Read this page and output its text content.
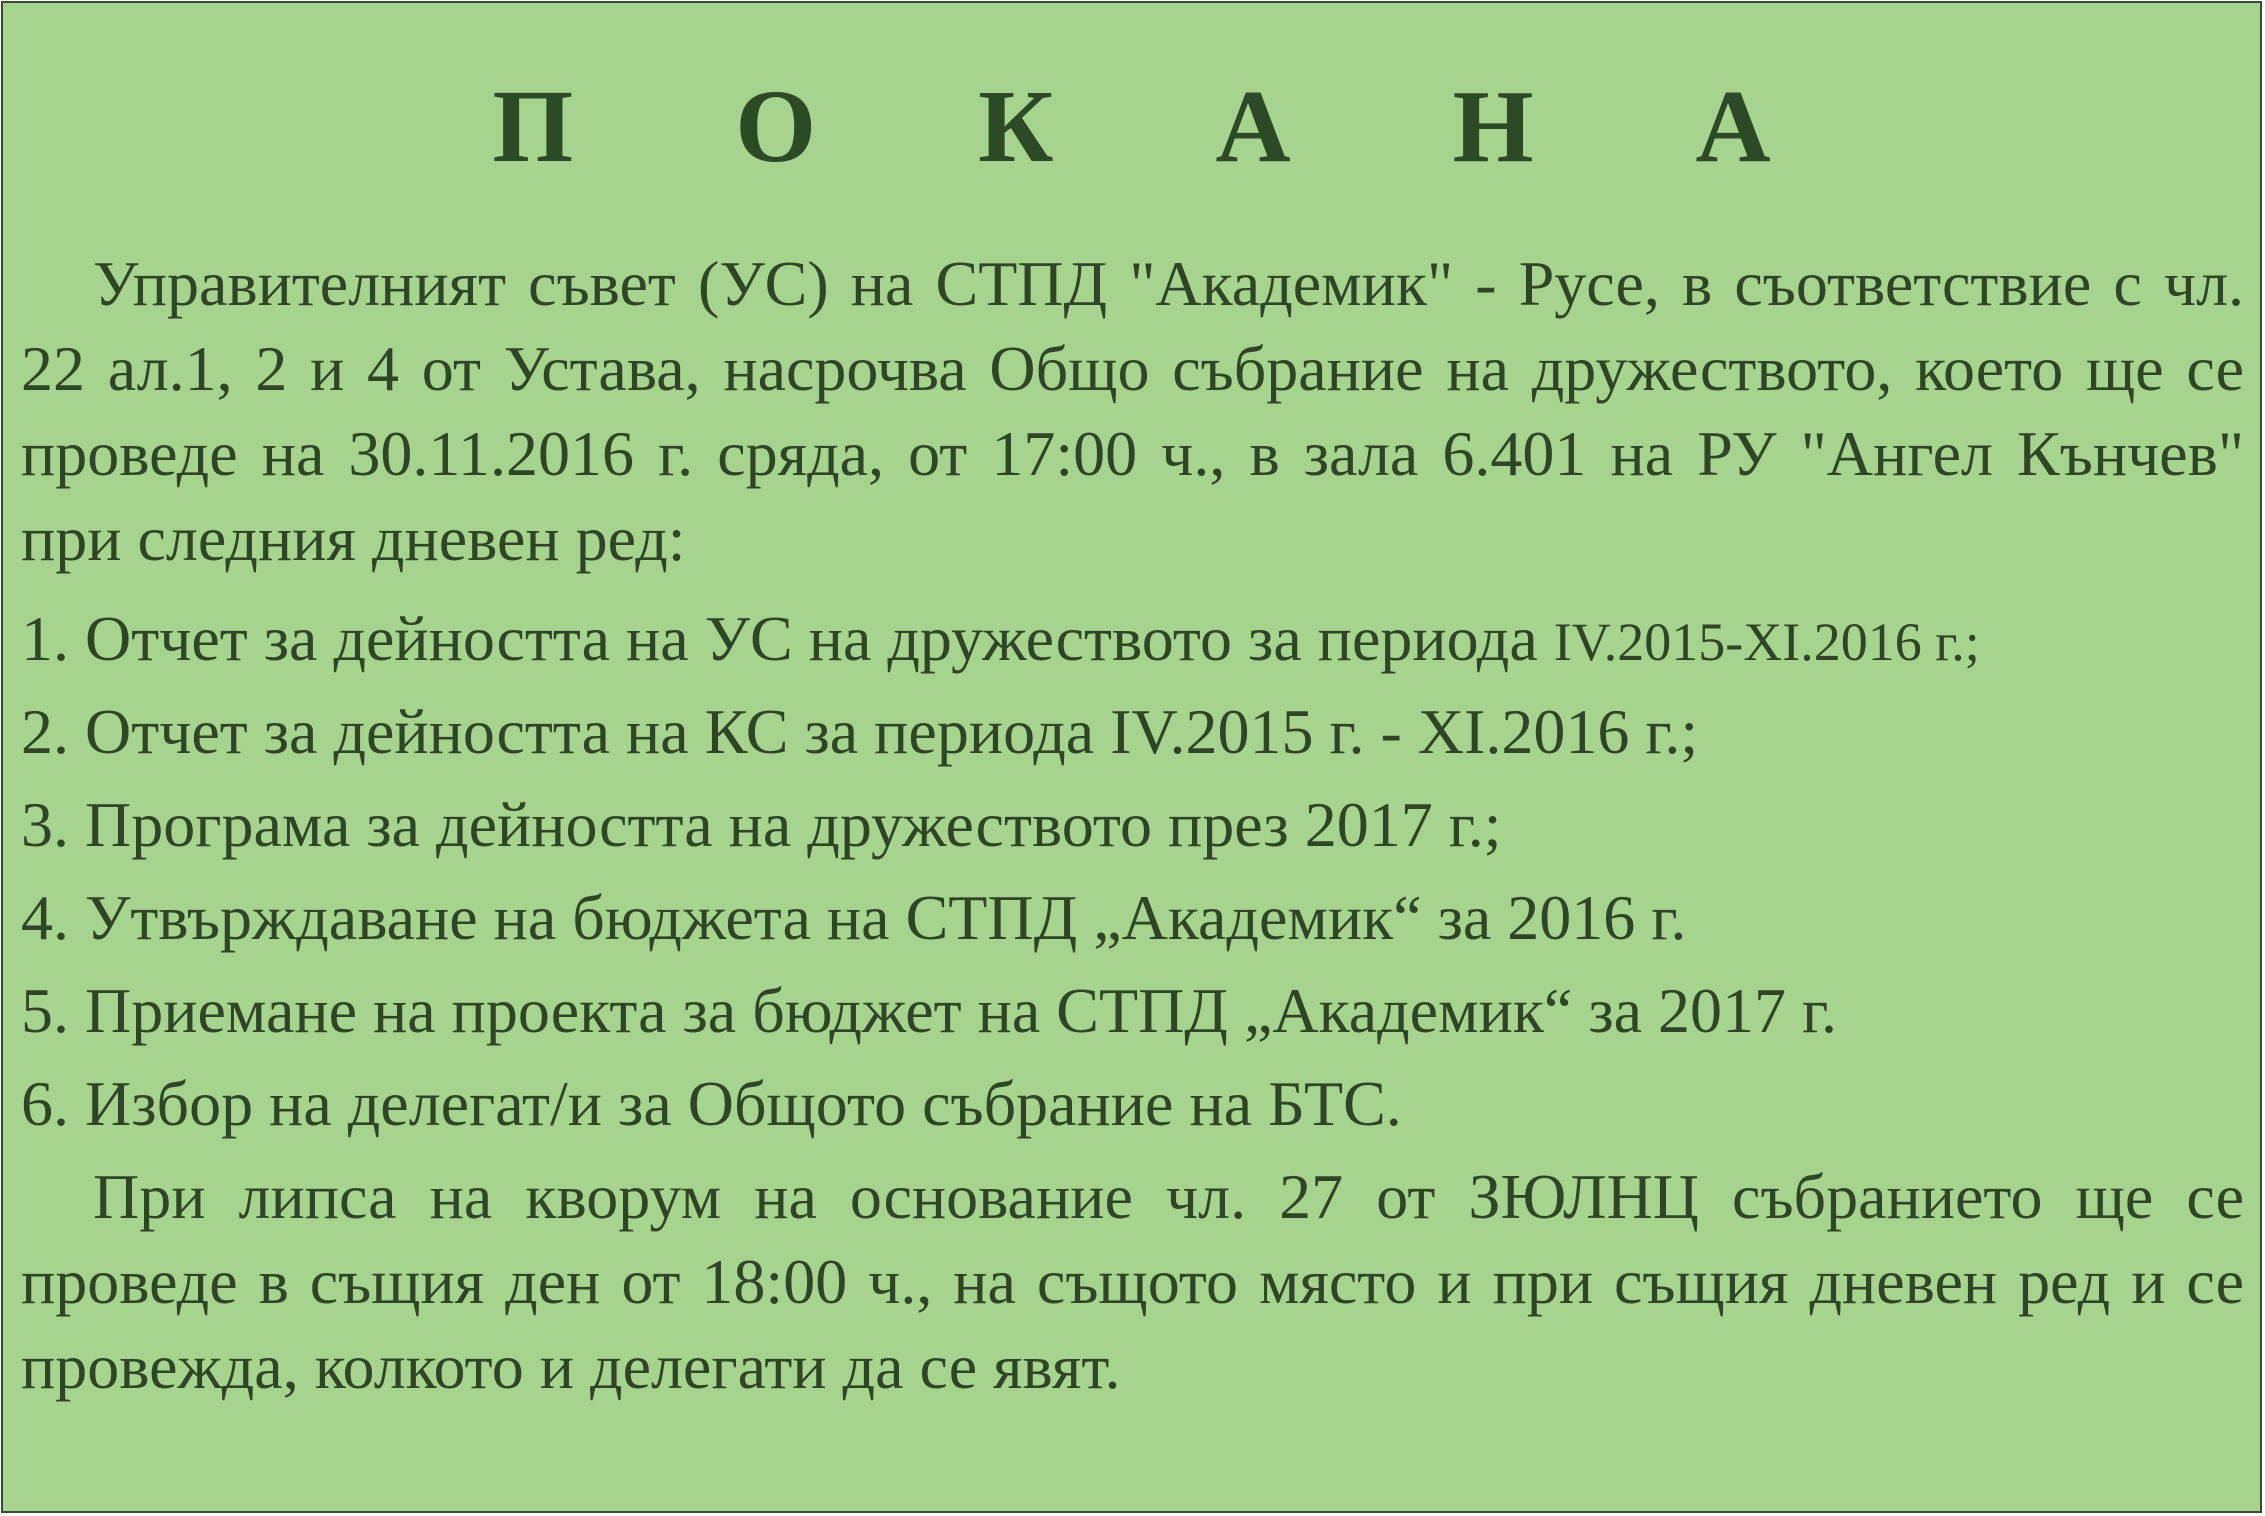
П О К А Н А

Управителният съвет (УС) на СТПД "Академик" - Русе, в съответствие с чл. 22 ал.1, 2 и 4 от Устава, насрочва Общо събрание на дружеството, което ще се проведе на 30.11.2016 г. сряда, от 17:00 ч., в зала 6.401 на РУ "Ангел Кънчев" при следния дневен ред:

1. Отчет за дейността на УС на дружеството за периода IV.2015-XI.2016 г.;
2. Отчет за дейността на КС за периода IV.2015 г. - XI.2016 г.;
3. Програма за дейността на дружеството през 2017 г.;
4. Утвърждаване на бюджета на СТПД „Академик“ за 2016 г.
5. Приемане на проекта за бюджет на СТПД „Академик“ за 2017 г.
6. Избор на делегат/и за Общото събрание на БТС.

При липса на кворум на основание чл. 27 от ЗЮЛНЦ събранието ще се проведе в същия ден от 18:00 ч., на същото място и при същия дневен ред и се провежда, колкото и делегати да се явят.
